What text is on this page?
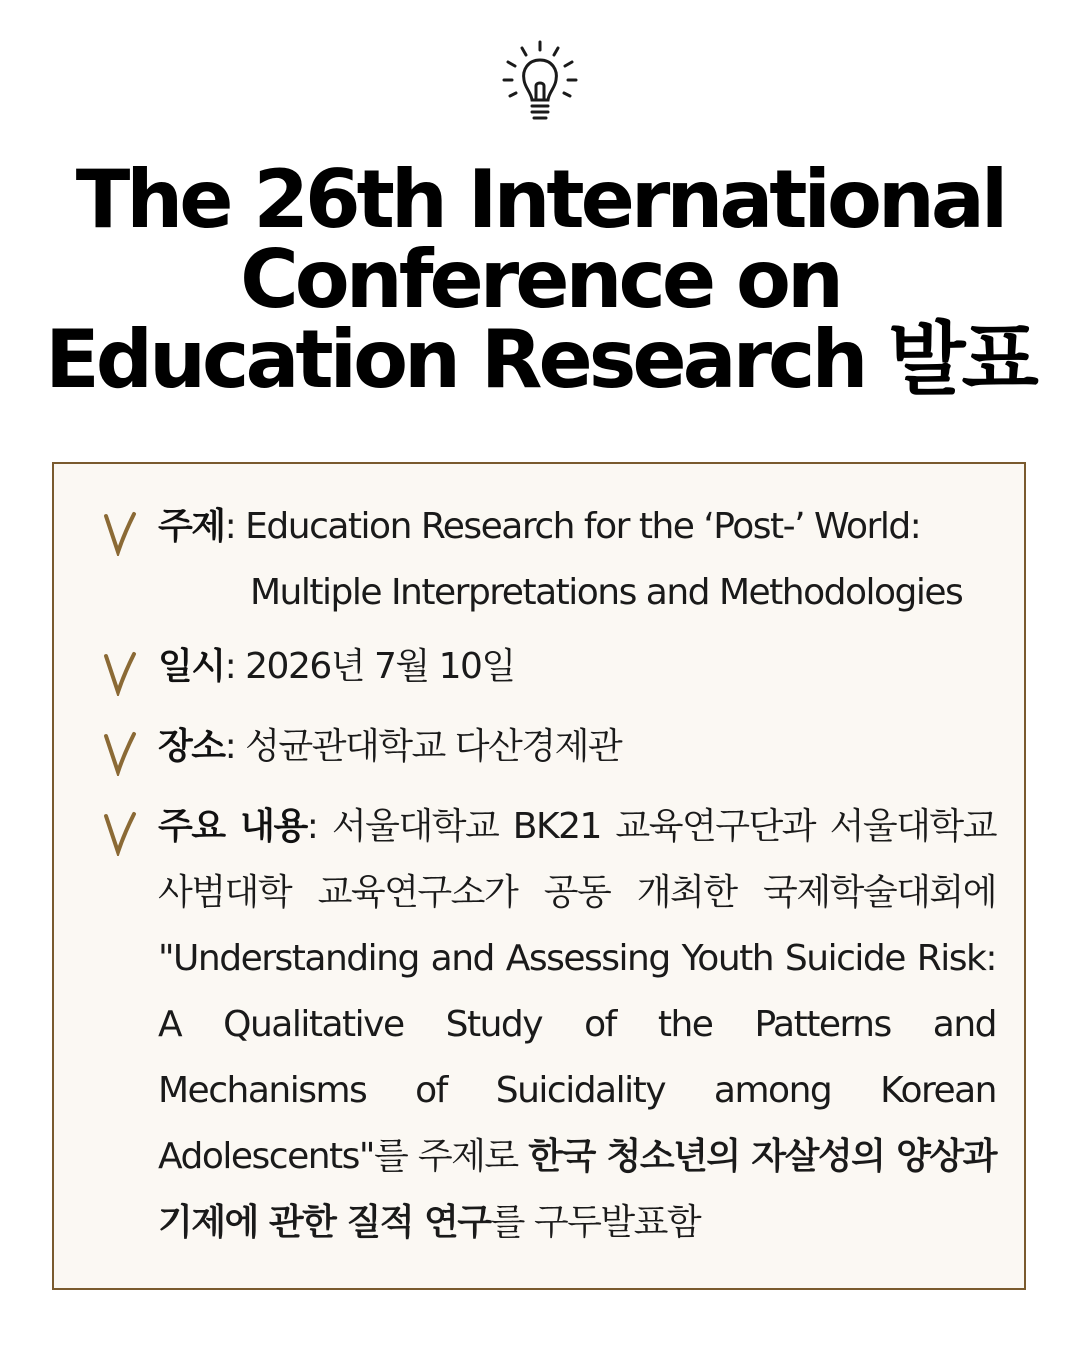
The 26th International
Conference on
Education Research 발표
주제: Education Research for the ‘Post-’ World:
Multiple Interpretations and Methodologies
일시: 2026년 7월 10일
장소: 성균관대학교 다산경제관
주요 내용: 서울대학교 BK21 교육연구단과 서울대학교 사범대학 교육연구소가 공동 개최한 국제학술대회에 "Understanding and Assessing Youth Suicide Risk: A Qualitative Study of the Patterns and Mechanisms of Suicidality among Korean Adolescents"를 주제로 한국 청소년의 자살성의 양상과 기제에 관한 질적 연구를 구두발표함
